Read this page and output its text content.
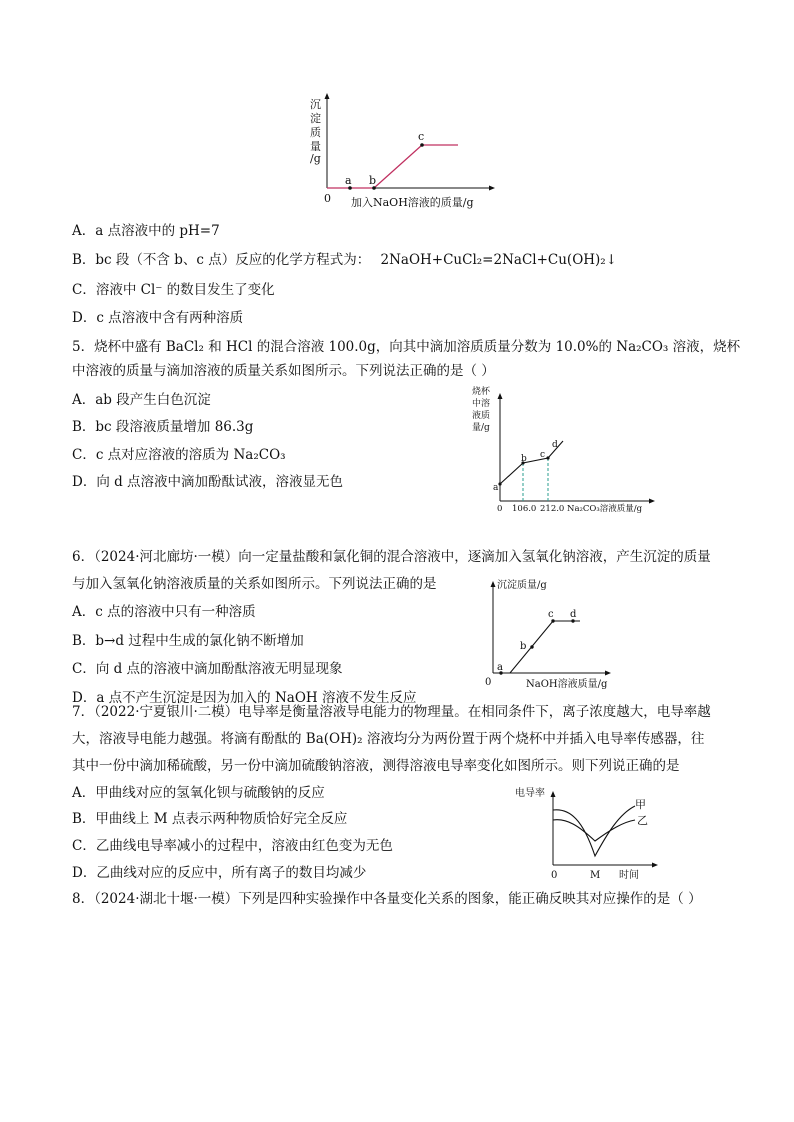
沉
淀
质
量
/g
0 加入NaOH溶液的质量/g
a b
c
A．a 点溶液中的 pH=7
B．bc 段（不含 b、c 点）反应的化学方程式为： 2NaOH+CuCl₂=2NaCl+Cu(OH)₂↓
C．溶液中 Cl⁻ 的数目发生了变化
D．c 点溶液中含有两种溶质
5．烧杯中盛有 BaCl₂ 和 HCl 的混合溶液 100.0g，向其中滴加溶质质量分数为 10.0%的 Na₂CO₃ 溶液，烧杯
中溶液的质量与滴加溶液的质量关系如图所示。下列说法正确的是（ ）
A．ab 段产生白色沉淀
B．bc 段溶液质量增加 86.3g
C．c 点对应溶液的溶质为 Na₂CO₃
D．向 d 点溶液中滴加酚酞试液，溶液显无色
烧杯
中溶
液质
量/g
a
b c
d
0 106.0 212.0 Na₂CO₃溶液质量/g
6．（2024·河北廊坊·一模）向一定量盐酸和氯化铜的混合溶液中，逐滴加入氢氧化钠溶液，产生沉淀的质量
与加入氢氧化钠溶液质量的关系如图所示。下列说法正确的是
A．c 点的溶液中只有一种溶质
B．b→d 过程中生成的氯化钠不断增加
C．向 d 点的溶液中滴加酚酞溶液无明显现象
D．a 点不产生沉淀是因为加入的 NaOH 溶液不发生反应
沉淀质量/g
0	NaOH溶液质量/g
a
b
c d
7．（2022·宁夏银川·二模）电导率是衡量溶液导电能力的物理量。在相同条件下，离子浓度越大，电导率越
大，溶液导电能力越强。将滴有酚酞的 Ba(OH)₂ 溶液均分为两份置于两个烧杯中并插入电导率传感器，往
其中一份中滴加稀硫酸，另一份中滴加硫酸钠溶液，测得溶液电导率变化如图所示。则下列说正确的是
A．甲曲线对应的氢氧化钡与硫酸钠的反应
B．甲曲线上 M 点表示两种物质恰好完全反应
C．乙曲线电导率减小的过程中，溶液由红色变为无色
D．乙曲线对应的反应中，所有离子的数目均减少
电导率
甲
乙
0	M 时间
8．（2024·湖北十堰·一模）下列是四种实验操作中各量变化关系的图象，能正确反映其对应操作的是（ ）
